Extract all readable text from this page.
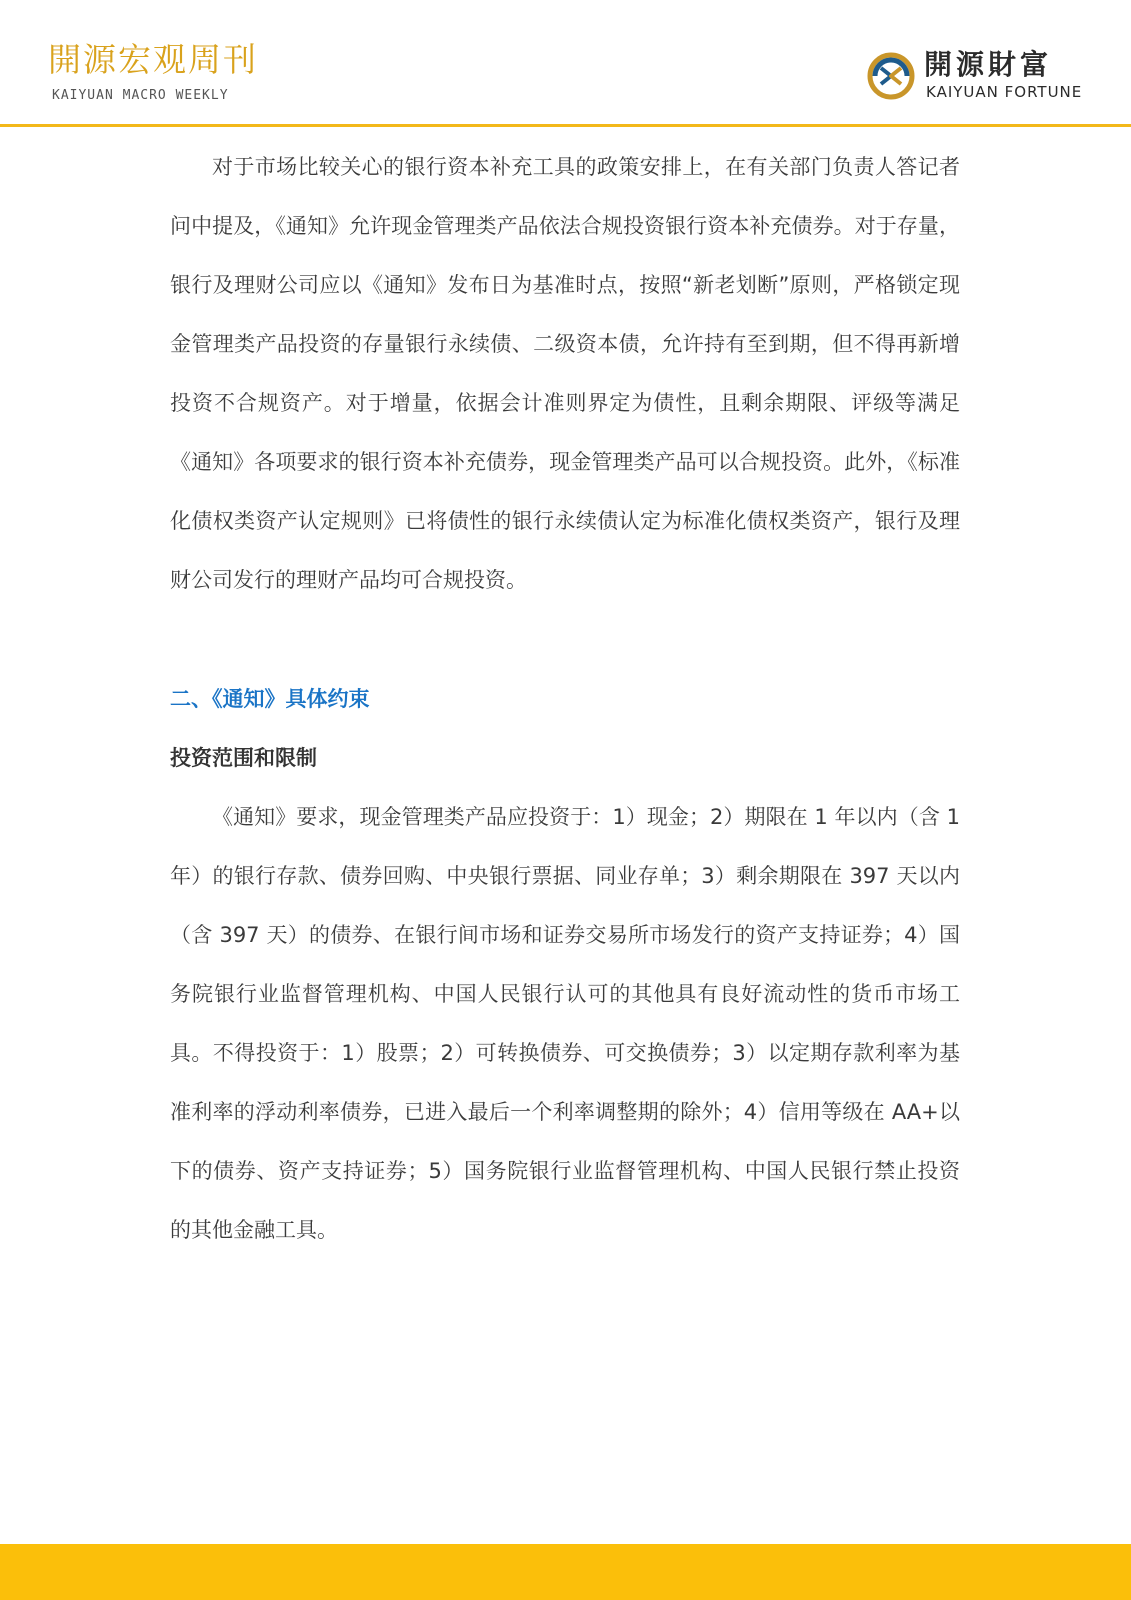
開源宏观周刊
KAIYUAN MACRO WEEKLY
開源財富
KAIYUAN FORTUNE

对于市场比较关心的银行资本补充工具的政策安排上，在有关部门负责人答记者问中提及，《通知》允许现金管理类产品依法合规投资银行资本补充债券。对于存量，银行及理财公司应以《通知》发布日为基准时点，按照“新老划断”原则，严格锁定现金管理类产品投资的存量银行永续债、二级资本债，允许持有至到期，但不得再新增投资不合规资产。对于增量，依据会计准则界定为债性，且剩余期限、评级等满足《通知》各项要求的银行资本补充债券，现金管理类产品可以合规投资。此外，《标准化债权类资产认定规则》已将债性的银行永续债认定为标准化债权类资产，银行及理财公司发行的理财产品均可合规投资。

二、《通知》具体约束
投资范围和限制

《通知》要求，现金管理类产品应投资于：1）现金；2）期限在 1 年以内（含 1 年）的银行存款、债券回购、中央银行票据、同业存单；3）剩余期限在 397 天以内（含 397 天）的债券、在银行间市场和证券交易所市场发行的资产支持证券；4）国务院银行业监督管理机构、中国人民银行认可的其他具有良好流动性的货币市场工具。不得投资于：1）股票；2）可转换债券、可交换债券；3）以定期存款利率为基准利率的浮动利率债券，已进入最后一个利率调整期的除外；4）信用等级在 AA+以下的债券、资产支持证券；5）国务院银行业监督管理机构、中国人民银行禁止投资的其他金融工具。
